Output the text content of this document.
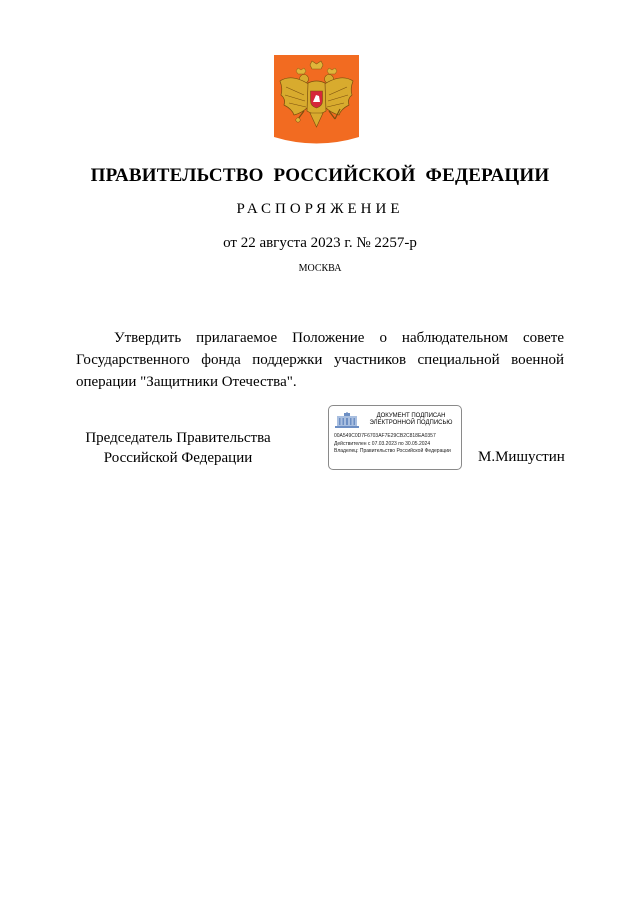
ПРАВИТЕЛЬСТВО РОССИЙСКОЙ ФЕДЕРАЦИИ
РАСПОРЯЖЕНИЕ
от 22 августа 2023 г. № 2257-р
МОСКВА
Утвердить прилагаемое Положение о наблюдательном совете Государственного фонда поддержки участников специальной военной операции "Защитники Отечества".
Председатель Правительства
Российской Федерации
ДОКУМЕНТ ПОДПИСАН
ЭЛЕКТРОННОЙ ПОДПИСЬЮ
00A549C0D7F6703AF7E29CB2C818EA0357
Действителен с 07.03.2023 по 30.05.2024
Владелец: Правительство Российской Федерации	М.Мишустин
